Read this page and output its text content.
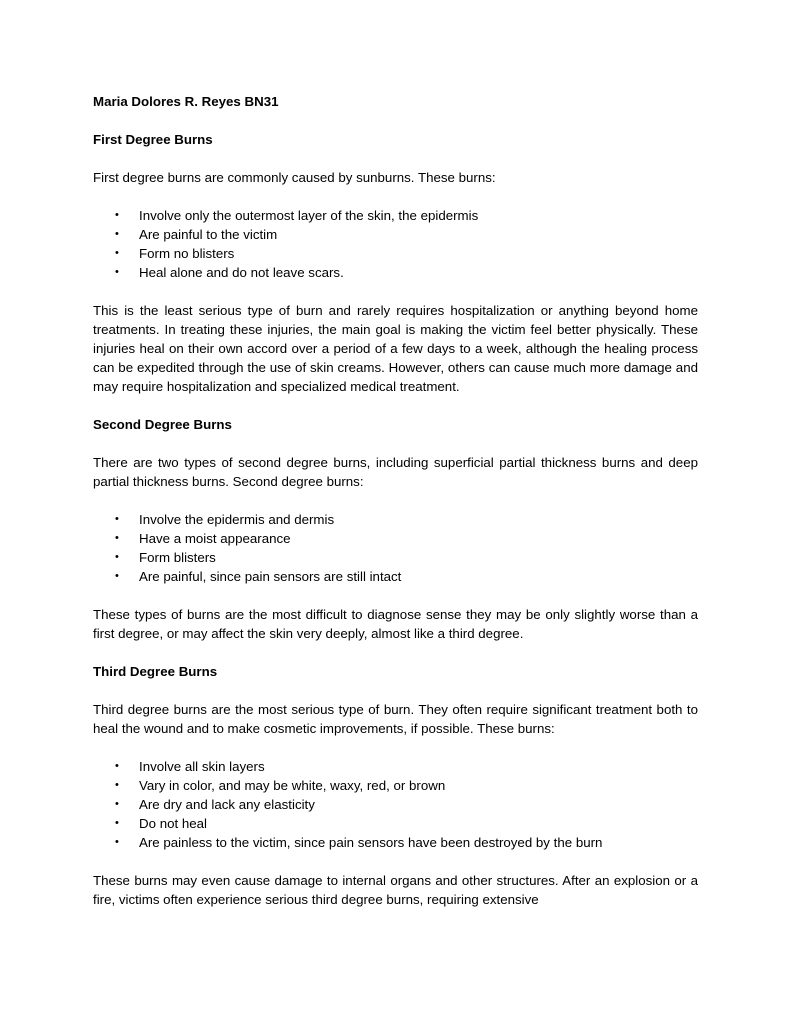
Maria Dolores R. Reyes BN31

First Degree Burns

First degree burns are commonly caused by sunburns. These burns:

• Involve only the outermost layer of the skin, the epidermis
• Are painful to the victim
• Form no blisters
• Heal alone and do not leave scars.

This is the least serious type of burn and rarely requires hospitalization or anything beyond home treatments. In treating these injuries, the main goal is making the victim feel better physically. These injuries heal on their own accord over a period of a few days to a week, although the healing process can be expedited through the use of skin creams. However, others can cause much more damage and may require hospitalization and specialized medical treatment.

Second Degree Burns

There are two types of second degree burns, including superficial partial thickness burns and deep partial thickness burns. Second degree burns:

• Involve the epidermis and dermis
• Have a moist appearance
• Form blisters
• Are painful, since pain sensors are still intact

These types of burns are the most difficult to diagnose sense they may be only slightly worse than a first degree, or may affect the skin very deeply, almost like a third degree.

Third Degree Burns

Third degree burns are the most serious type of burn. They often require significant treatment both to heal the wound and to make cosmetic improvements, if possible. These burns:

• Involve all skin layers
• Vary in color, and may be white, waxy, red, or brown
• Are dry and lack any elasticity
• Do not heal
• Are painless to the victim, since pain sensors have been destroyed by the burn

These burns may even cause damage to internal organs and other structures. After an explosion or a fire, victims often experience serious third degree burns, requiring extensive
